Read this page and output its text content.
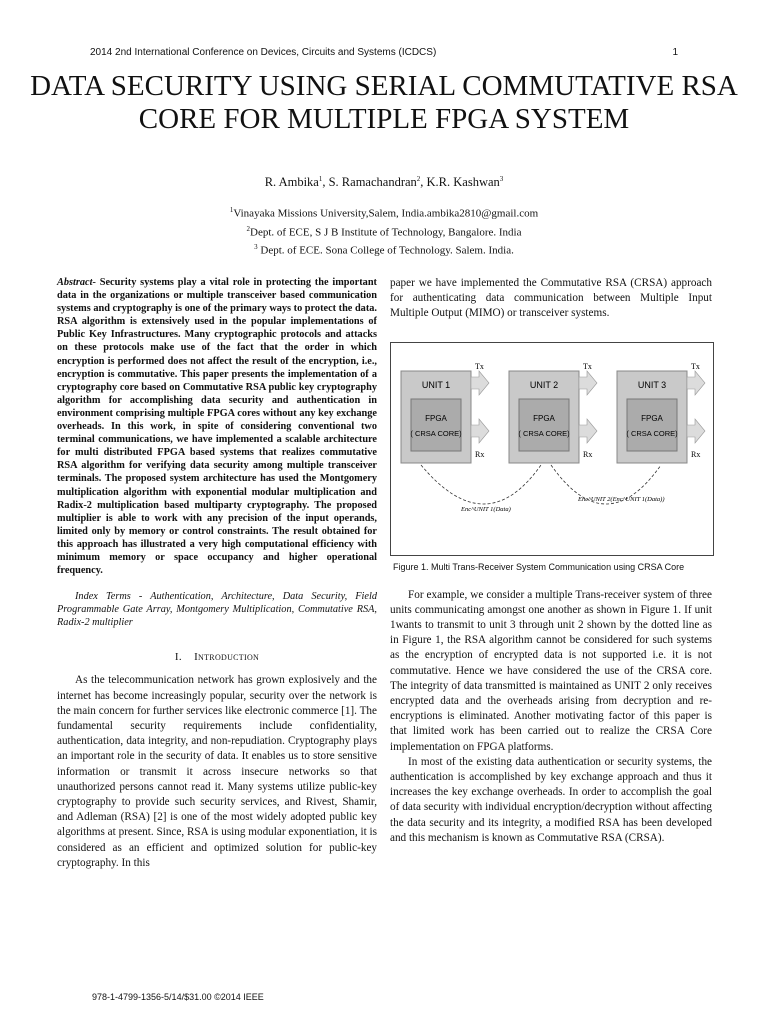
2014 2nd International Conference on Devices, Circuits and Systems (ICDCS)	1
DATA SECURITY USING SERIAL COMMUTATIVE RSA CORE FOR MULTIPLE FPGA SYSTEM
R. Ambika$^1$, S. Ramachandran$^2$, K.R. Kashwan$^3$
$^1$Vinayaka Missions University,Salem, India.ambika2810@gmail.com
$^2$Dept. of ECE, S J B Institute of Technology, Bangalore. India
$^3$ Dept. of ECE. Sona College of Technology. Salem. India.

Abstract- Security systems play a vital role in protecting the important data in the organizations or multiple transceiver based communication systems and cryptography is one of the primary ways to protect the data. RSA algorithm is extensively used in the popular implementations of Public Key Infrastructures. Many cryptographic protocols and attacks on these protocols make use of the fact that the order in which encryption is performed does not affect the result of the encryption, i.e., encryption is commutative. This paper presents the implementation of a cryptography core based on Commutative RSA public key cryptography algorithm for accomplishing data security and authentication in environment comprising multiple FPGA cores without any key exchange overheads. In this work, in spite of considering conventional two terminal communications, we have implemented a scalable architecture for multi distributed FPGA based systems that realizes commutative RSA algorithm for verifying data security among multiple transceiver terminals. The proposed system architecture has used the Montgomery multiplication algorithm with exponential modular multiplication and Radix-2 multiplication based multiparty cryptography. The proposed multiplier is able to work with any precision of the input operands, limited only by memory or control constraints. The result obtained for this approach has illustrated a very high computational efficiency with minimum memory or space occupancy and higher operational frequency.

Index Terms - Authentication, Architecture, Data Security, Field Programmable Gate Array, Montgomery Multiplication, Commutative RSA, Radix-2 multiplier

I. Introduction

As the telecommunication network has grown explosively and the internet has become increasingly popular, security over the network is the main concern for further services like electronic commerce [1]. The fundamental security requirements include confidentiality, authentication, data integrity, and non-repudiation. Cryptography plays an important role in the security of data. It enables us to store sensitive information or transmit it across insecure networks so that unauthorized persons cannot read it. Many systems utilize public-key cryptography to provide such security services, and Rivest, Shamir, and Adleman (RSA) [2] is one of the most widely adopted public key algorithms at present. Since, RSA is using modular exponentiation, it is considered as an efficient and optimized solution for public-key cryptography. In this

paper we have implemented the Commutative RSA (CRSA) approach for authenticating data communication between Multiple Input Multiple Output (MIMO) or transceiver systems.

UNIT 1
FPGA
( CRSA CORE)
Tx
Rx
UNIT 2
FPGA
( CRSA CORE)
Tx
Rx
UNIT 3
FPGA
( CRSA CORE)
Tx
Rx
Enc^UNIT 1(Data)
Enc^UNIT 2(Enc^UNIT 1(Data))
Figure 1. Multi Trans-Receiver System Communication using CRSA Core

For example, we consider a multiple Trans-receiver system of three units communicating amongst one another as shown in Figure 1. If unit 1wants to transmit to unit 3 through unit 2 shown by the dotted line as in Figure 1, the RSA algorithm cannot be considered for such systems as the encryption of encrypted data is not supported i.e. it is not commutative. Hence we have considered the use of the CRSA core. The integrity of data transmitted is maintained as UNIT 2 only receives encrypted data and the overheads arising from decryption and re-encryptions is eliminated. Another motivating factor of this paper is that limited work has been carried out to realize the CRSA Core implementation on FPGA platforms.

In most of the existing data authentication or security systems, the authentication is accomplished by key exchange approach and thus it increases the key exchange overheads. In order to accomplish the goal of data security with individual encryption/decryption without affecting the data security and its integrity, a modified RSA has been developed and this mechanism is known as Commutative RSA (CRSA).

978-1-4799-1356-5/14/$31.00 ©2014 IEEE
